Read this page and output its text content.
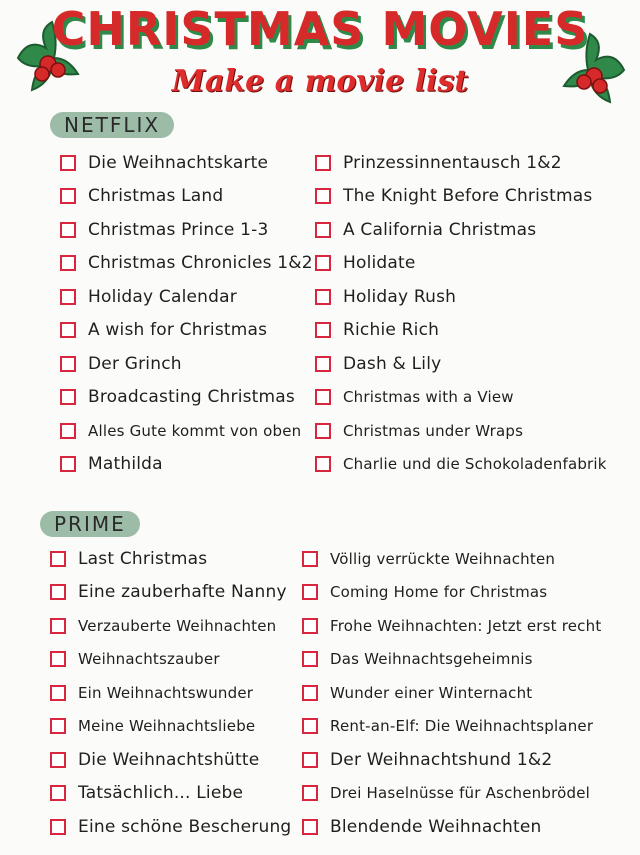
CHRISTMAS MOVIES
Make a movie list
NETFLIX
Die Weihnachtskarte
Christmas Land
Christmas Prince 1-3
Christmas Chronicles 1&2
Holiday Calendar
A wish for Christmas
Der Grinch
Broadcasting Christmas
Alles Gute kommt von oben
Mathilda
Prinzessinnentausch 1&2
The Knight Before Christmas
A California Christmas
Holidate
Holiday Rush
Richie Rich
Dash & Lily
Christmas with a View
Christmas under Wraps
Charlie und die Schokoladenfabrik
PRIME
Last Christmas
Eine zauberhafte Nanny
Verzauberte Weihnachten
Weihnachtszauber
Ein Weihnachtswunder
Meine Weihnachtsliebe
Die Weihnachtshütte
Tatsächlich... Liebe
Eine schöne Bescherung
Völlig verrückte Weihnachten
Coming Home for Christmas
Frohe Weihnachten: Jetzt erst recht
Das Weihnachtsgeheimnis
Wunder einer Winternacht
Rent-an-Elf: Die Weihnachtsplaner
Der Weihnachtshund 1&2
Drei Haselnüsse für Aschenbrödel
Blendende Weihnachten
